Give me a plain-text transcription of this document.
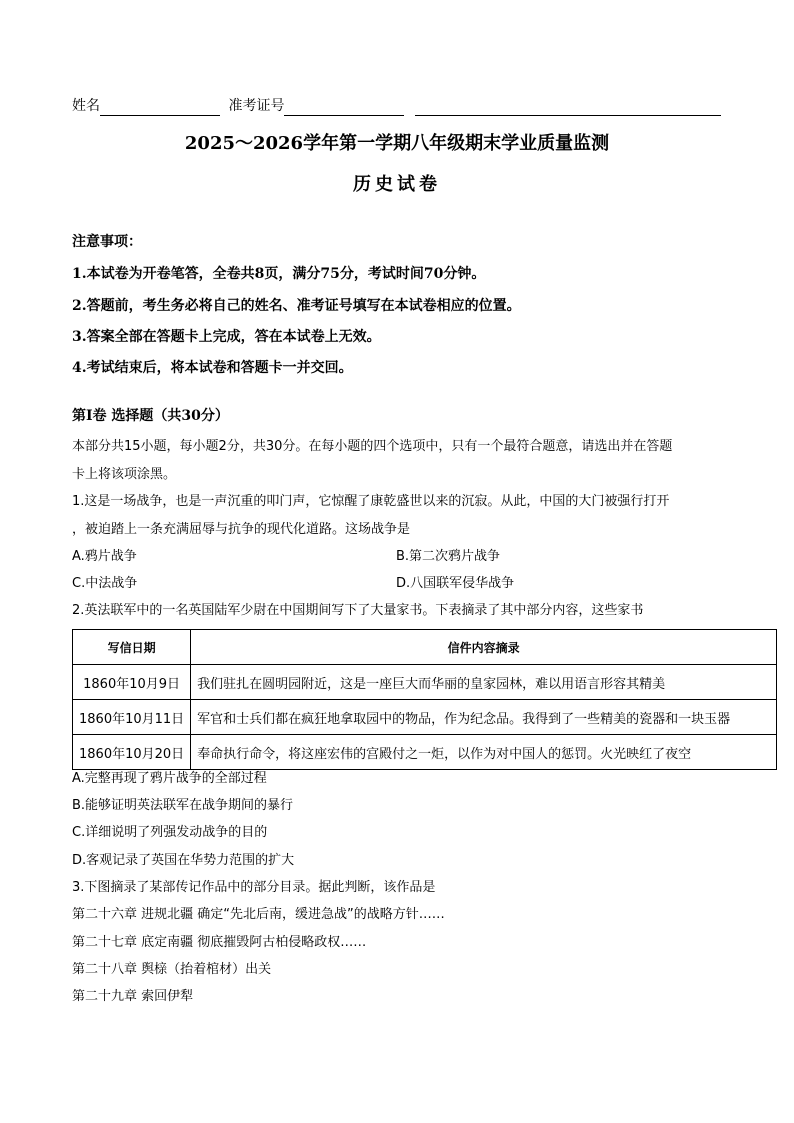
姓名	准考证号
2025～2026学年第一学期八年级期末学业质量监测
历史试卷
注意事项：
1.本试卷为开卷笔答，全卷共8页，满分75分，考试时间70分钟。
2.答题前，考生务必将自己的姓名、准考证号填写在本试卷相应的位置。
3.答案全部在答题卡上完成，答在本试卷上无效。
4.考试结束后，将本试卷和答题卡一并交回。
第Ⅰ卷 选择题（共30分）
本部分共15小题，每小题2分，共30分。在每小题的四个选项中，只有一个最符合题意，请选出并在答题
卡上将该项涂黑。
1.这是一场战争，也是一声沉重的叩门声，它惊醒了康乾盛世以来的沉寂。从此，中国的大门被强行打开
，被迫踏上一条充满屈辱与抗争的现代化道路。这场战争是
A.鸦片战争	B.第二次鸦片战争
C.中法战争	D.八国联军侵华战争
2.英法联军中的一名英国陆军少尉在中国期间写下了大量家书。下表摘录了其中部分内容，这些家书
写信日期	信件内容摘录
1860年10月9日	我们驻扎在圆明园附近，这是一座巨大而华丽的皇家园林，难以用语言形容其精美
1860年10月11日	军官和士兵们都在疯狂地拿取园中的物品，作为纪念品。我得到了一些精美的瓷器和一块玉器
1860年10月20日	奉命执行命令，将这座宏伟的宫殿付之一炬，以作为对中国人的惩罚。火光映红了夜空
A.完整再现了鸦片战争的全部过程
B.能够证明英法联军在战争期间的暴行
C.详细说明了列强发动战争的目的
D.客观记录了英国在华势力范围的扩大
3.下图摘录了某部传记作品中的部分目录。据此判断，该作品是
第二十六章 进规北疆 确定“先北后南，缓进急战”的战略方针……
第二十七章 底定南疆 彻底摧毁阿古柏侵略政权……
第二十八章 舆榇（抬着棺材）出关
第二十九章 索回伊犁
